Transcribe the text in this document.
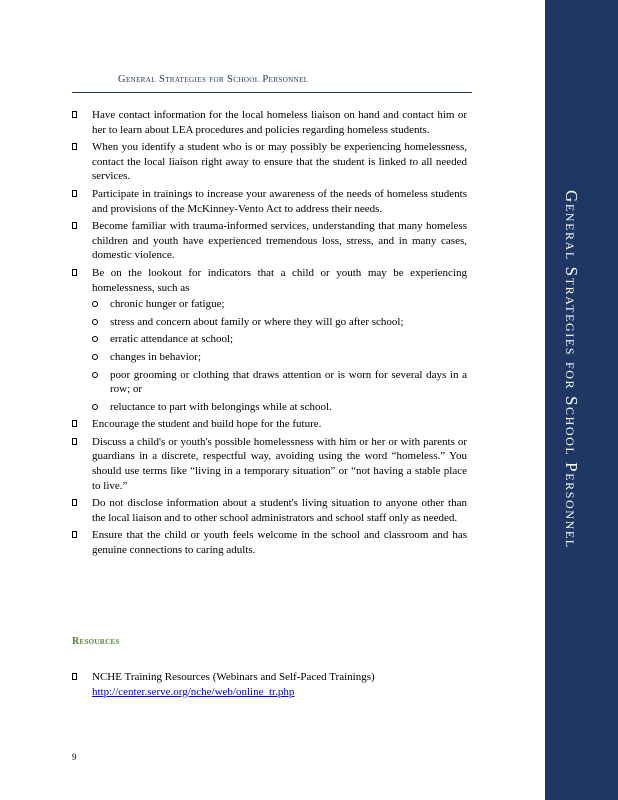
General Strategies for School Personnel
Have contact information for the local homeless liaison on hand and contact him or her to learn about LEA procedures and policies regarding homeless students.
When you identify a student who is or may possibly be experiencing homelessness, contact the local liaison right away to ensure that the student is linked to all needed services.
Participate in trainings to increase your awareness of the needs of homeless students and provisions of the McKinney-Vento Act to address their needs.
Become familiar with trauma-informed services, understanding that many homeless children and youth have experienced tremendous loss, stress, and in many cases, domestic violence.
Be on the lookout for indicators that a child or youth may be experiencing homelessness, such as
chronic hunger or fatigue;
stress and concern about family or where they will go after school;
erratic attendance at school;
changes in behavior;
poor grooming or clothing that draws attention or is worn for several days in a row; or
reluctance to part with belongings while at school.
Encourage the student and build hope for the future.
Discuss a child's or youth's possible homelessness with him or her or with parents or guardians in a discrete, respectful way, avoiding using the word “homeless.” You should use terms like “living in a temporary situation” or “not having a stable place to live.”
Do not disclose information about a student's living situation to anyone other than the local liaison and to other school administrators and school staff only as needed.
Ensure that the child or youth feels welcome in the school and classroom and has genuine connections to caring adults.
Resources
NCHE Training Resources (Webinars and Self-Paced Trainings)
http://center.serve.org/nche/web/online_tr.php
9
General Strategies for School Personnel
